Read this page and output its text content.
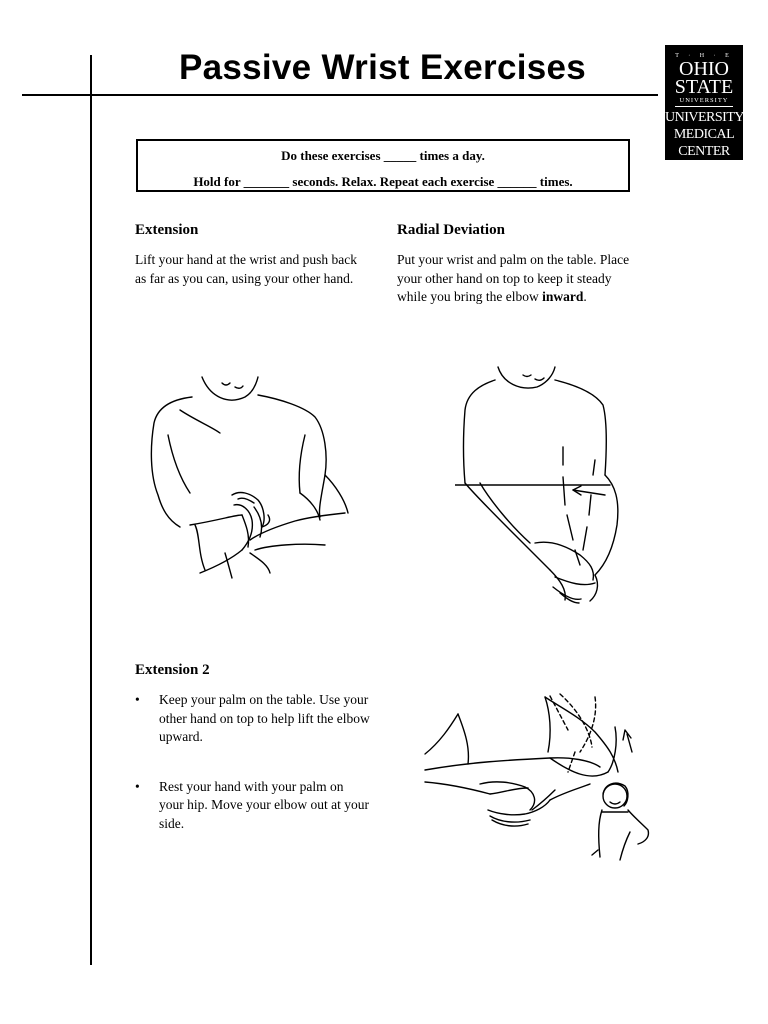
Passive Wrist Exercises	T · H · E
OHIO
STATE
UNIVERSITY
UNIVERSITY
MEDICAL
CENTER
Do these exercises _____ times a day.
Hold for _______ seconds. Relax. Repeat each exercise ______ times.
Extension
Lift your hand at the wrist and push back as far as you can, using your other hand.
Radial Deviation
Put your wrist and palm on the table. Place your other hand on top to keep it steady while you bring the elbow inward.
Extension 2
• Keep your palm on the table. Use your other hand on top to help lift the elbow upward.
• Rest your hand with your palm on your hip. Move your elbow out at your side.
